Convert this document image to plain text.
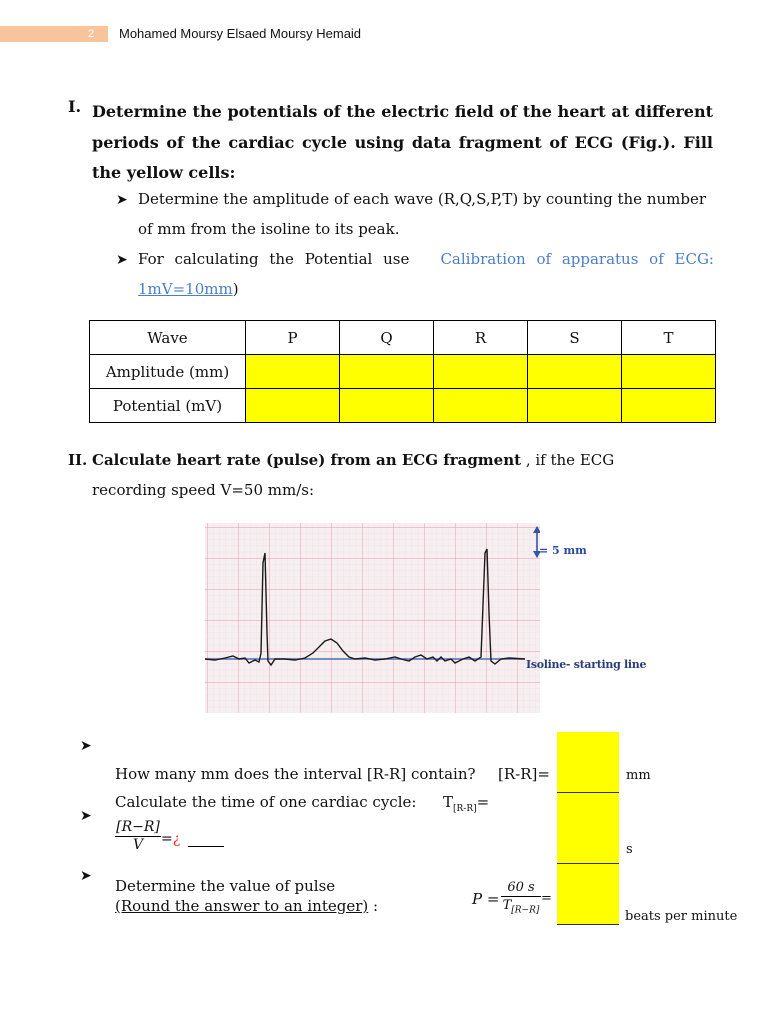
2 Mohamed Moursy Elsaed Moursy Hemaid
I. Determine the potentials of the electric field of the heart at different periods of the cardiac cycle using data fragment of ECG (Fig.). Fill the yellow cells:
➤ Determine the amplitude of each wave (R,Q,S,P,T) by counting the number of mm from the isoline to its peak.
➤ For calculating the Potential use Calibration of apparatus of ECG:
1mV=10mm)
Wave	P	Q	R	S	T
Amplitude (mm)					
Potential (mV)					
II. Calculate heart rate (pulse) from an ECG fragment , if the ECG recording speed V=50 mm/s:
= 5 mm
Isoline- starting line
➤
How many mm does the interval [R-R] contain? [R-R]=
➤
Calculate the time of one cardiac cycle: $T_{[R-R]}=$
$\frac{[R-R]}{V}$ =¿
➤
Determine the value of pulse
(Round the answer to an integer) :	$P = \frac{60 s}{T_{[R-R]}}$ =
mm
s
beats per minute
